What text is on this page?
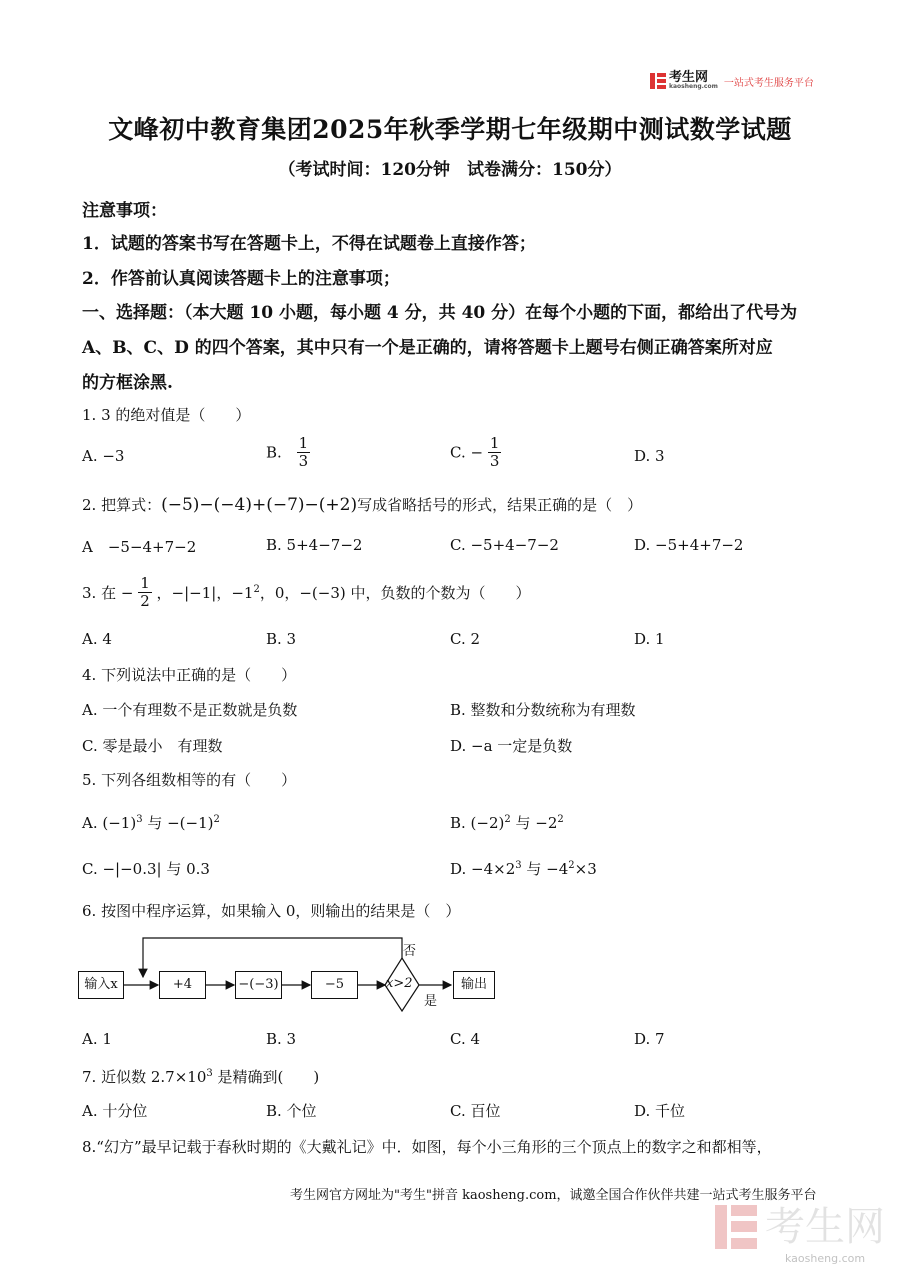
考生网
kaosheng.com 一站式考生服务平台
文峰初中教育集团2025年秋季学期七年级期中测试数学试题
（考试时间：120分钟　试卷满分：150分）
注意事项：
1．试题的答案书写在答题卡上，不得在试题卷上直接作答；
2．作答前认真阅读答题卡上的注意事项；
一、选择题：（本大题 10 小题，每小题 4 分，共 40 分）在每个小题的下面，都给出了代号为
A、B、C、D 的四个答案，其中只有一个是正确的，请将答题卡上题号右侧正确答案所对应
的方框涂黑.
1. 3 的绝对值是（　　）
A. −3	B. $\frac{1}{3}$	C. − $\frac{1}{3}$	D. 3
2. 把算式：(−5)−(−4)+(−7)−(+2)写成省略括号的形式，结果正确的是（　）
A　−5−4+7−2	B. 5+4−7−2	C. −5+4−7−2	D. −5+4+7−2
3. 在 − $\frac{1}{2}$ ，−|−1|，$-1^2$，0，−(−3) 中，负数的个数为（　　）
A. 4	B. 3	C. 2	D. 1
4. 下列说法中正确的是（　　）
A. 一个有理数不是正数就是负数	B. 整数和分数统称为有理数
C. 零是最小　有理数	D. −a 一定是负数
5. 下列各组数相等的有（　　）
A. $(-1)^3$ 与 $-(-1)^2$	B. $(-2)^2$ 与 $-2^2$
C. −|−0.3| 与 0.3	D. $-4\times 2^3$ 与 $-4^2\times 3$
6. 按图中程序运算，如果输入 0，则输出的结果是（　）
输入x	+4	−(−3)	−5	x>2	输出
是
否
A. 1	B. 3	C. 4	D. 7
7. 近似数 $2.7\times 10^3$ 是精确到(　　)
A. 十分位	B. 个位	C. 百位	D. 千位
8.“幻方”最早记载于春秋时期的《大戴礼记》中．如图，每个小三角形的三个顶点上的数字之和都相等，
考生网官方网址为"考生"拼音 kaosheng.com，诚邀全国合作伙伴共建一站式考生服务平台
考生网
kaosheng.com
